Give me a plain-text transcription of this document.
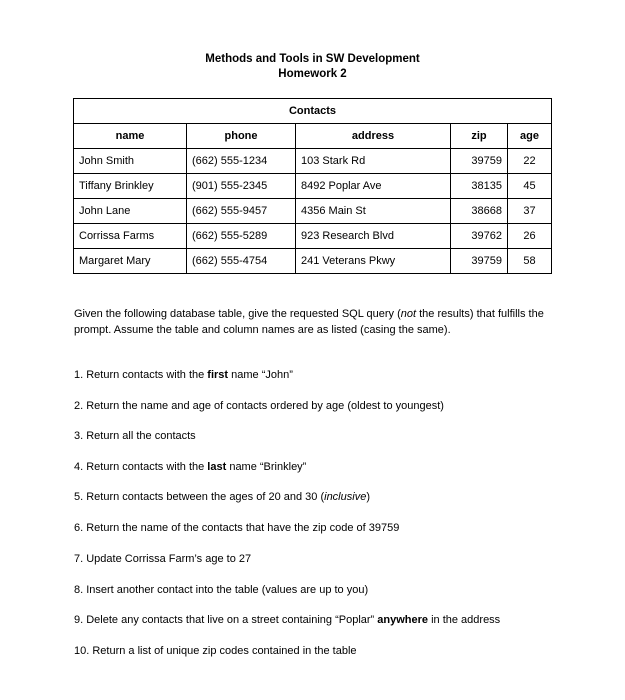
Methods and Tools in SW Development
Homework 2
Contacts				
name	phone	address	zip	age
John Smith	(662) 555-1234	103 Stark Rd	39759	22
Tiffany Brinkley	(901) 555-2345	8492 Poplar Ave	38135	45
John Lane	(662) 555-9457	4356 Main St	38668	37
Corrissa Farms	(662) 555-5289	923 Research Blvd	39762	26
Margaret Mary	(662) 555-4754	241 Veterans Pkwy	39759	58

Given the following database table, give the requested SQL query (not the results) that fulfills the prompt. Assume the table and column names are as listed (casing the same).

1. Return contacts with the first name “John”
2. Return the name and age of contacts ordered by age (oldest to youngest)
3. Return all the contacts
4. Return contacts with the last name “Brinkley”
5. Return contacts between the ages of 20 and 30 (inclusive)
6. Return the name of the contacts that have the zip code of 39759
7. Update Corrissa Farm’s age to 27
8. Insert another contact into the table (values are up to you)
9. Delete any contacts that live on a street containing “Poplar” anywhere in the address
10. Return a list of unique zip codes contained in the table
